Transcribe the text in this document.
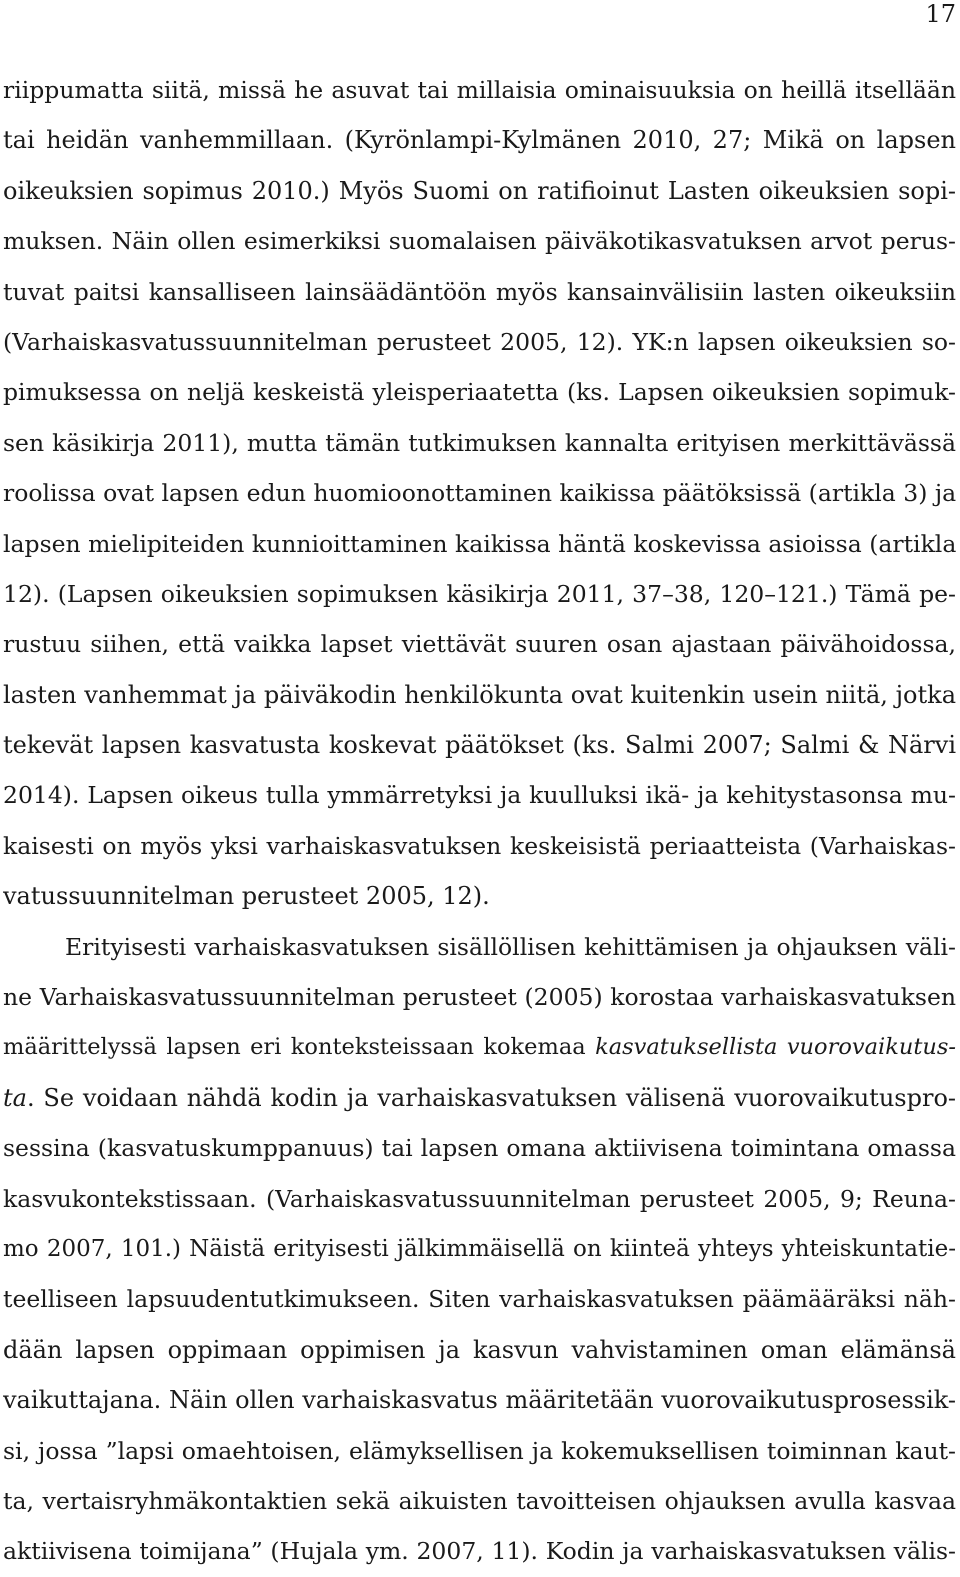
17
riippumatta siitä, missä he asuvat tai millaisia ominaisuuksia on heillä itsellään
tai heidän vanhemmillaan. (Kyrönlampi-Kylmänen 2010, 27; Mikä on lapsen
oikeuksien sopimus 2010.) Myös Suomi on ratifioinut Lasten oikeuksien sopi-
muksen. Näin ollen esimerkiksi suomalaisen päiväkotikasvatuksen arvot perus-
tuvat paitsi kansalliseen lainsäädäntöön myös kansainvälisiin lasten oikeuksiin
(Varhaiskasvatussuunnitelman perusteet 2005, 12). YK:n lapsen oikeuksien so-
pimuksessa on neljä keskeistä yleisperiaatetta (ks. Lapsen oikeuksien sopimuk-
sen käsikirja 2011), mutta tämän tutkimuksen kannalta erityisen merkittävässä
roolissa ovat lapsen edun huomioonottaminen kaikissa päätöksissä (artikla 3) ja
lapsen mielipiteiden kunnioittaminen kaikissa häntä koskevissa asioissa (artikla
12). (Lapsen oikeuksien sopimuksen käsikirja 2011, 37–38, 120–121.) Tämä pe-
rustuu siihen, että vaikka lapset viettävät suuren osan ajastaan päivähoidossa,
lasten vanhemmat ja päiväkodin henkilökunta ovat kuitenkin usein niitä, jotka
tekevät lapsen kasvatusta koskevat päätökset (ks. Salmi 2007; Salmi & Närvi
2014). Lapsen oikeus tulla ymmärretyksi ja kuulluksi ikä- ja kehitystasonsa mu-
kaisesti on myös yksi varhaiskasvatuksen keskeisistä periaatteista (Varhaiskas-
vatussuunnitelman perusteet 2005, 12).
Erityisesti varhaiskasvatuksen sisällöllisen kehittämisen ja ohjauksen väli-
ne Varhaiskasvatussuunnitelman perusteet (2005) korostaa varhaiskasvatuksen
määrittelyssä lapsen eri konteksteissaan kokemaa kasvatuksellista vuorovaikutus-
ta. Se voidaan nähdä kodin ja varhaiskasvatuksen välisenä vuorovaikutuspro-
sessina (kasvatuskumppanuus) tai lapsen omana aktiivisena toimintana omassa
kasvukontekstissaan. (Varhaiskasvatussuunnitelman perusteet 2005, 9; Reuna-
mo 2007, 101.) Näistä erityisesti jälkimmäisellä on kiinteä yhteys yhteiskuntatie-
teelliseen lapsuudentutkimukseen. Siten varhaiskasvatuksen päämääräksi näh-
dään lapsen oppimaan oppimisen ja kasvun vahvistaminen oman elämänsä
vaikuttajana. Näin ollen varhaiskasvatus määritetään vuorovaikutusprosessik-
si, jossa ”lapsi omaehtoisen, elämyksellisen ja kokemuksellisen toiminnan kaut-
ta, vertaisryhmäkontaktien sekä aikuisten tavoitteisen ohjauksen avulla kasvaa
aktiivisena toimijana” (Hujala ym. 2007, 11). Kodin ja varhaiskasvatuksen välis-
